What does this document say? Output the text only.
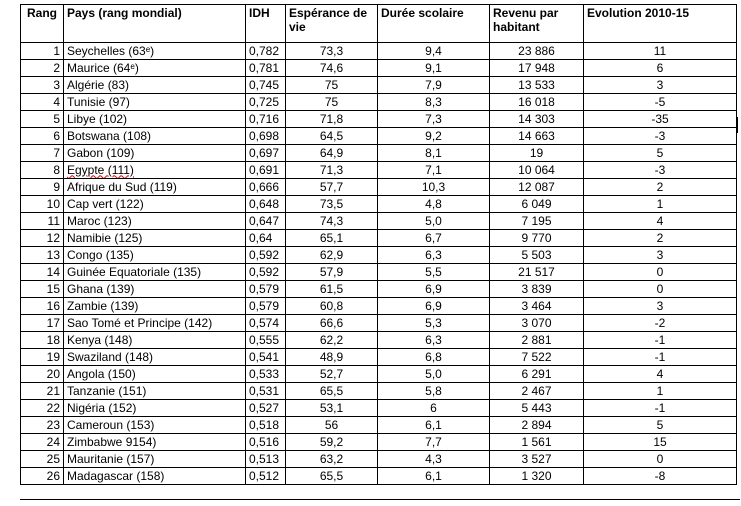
Rang	Pays (rang mondial)	IDH	Espérance de vie	Durée scolaire	Revenu par habitant	Evolution 2010-15
1	Seychelles (63ᵉ)	0,782	73,3	9,4	23 886	11
2	Maurice (64ᵉ)	0,781	74,6	9,1	17 948	6
3	Algérie (83)	0,745	75	7,9	13 533	3
4	Tunisie (97)	0,725	75	8,3	16 018	-5
5	Libye (102)	0,716	71,8	7,3	14 303	-35
6	Botswana (108)	0,698	64,5	9,2	14 663	-3
7	Gabon (109)	0,697	64,9	8,1	19	5
8	Egypte (111)	0,691	71,3	7,1	10 064	-3
9	Afrique du Sud (119)	0,666	57,7	10,3	12 087	2
10	Cap vert (122)	0,648	73,5	4,8	6 049	1
11	Maroc (123)	0,647	74,3	5,0	7 195	4
12	Namibie (125)	0,64	65,1	6,7	9 770	2
13	Congo (135)	0,592	62,9	6,3	5 503	3
14	Guinée Equatoriale (135)	0,592	57,9	5,5	21 517	0
15	Ghana (139)	0,579	61,5	6,9	3 839	0
16	Zambie (139)	0,579	60,8	6,9	3 464	3
17	Sao Tomé et Principe (142)	0,574	66,6	5,3	3 070	-2
18	Kenya (148)	0,555	62,2	6,3	2 881	-1
19	Swaziland (148)	0,541	48,9	6,8	7 522	-1
20	Angola (150)	0,533	52,7	5,0	6 291	4
21	Tanzanie (151)	0,531	65,5	5,8	2 467	1
22	Nigéria (152)	0,527	53,1	6	5 443	-1
23	Cameroun (153)	0,518	56	6,1	2 894	5
24	Zimbabwe 9154)	0,516	59,2	7,7	1 561	15
25	Mauritanie (157)	0,513	63,2	4,3	3 527	0
26	Madagascar (158)	0,512	65,5	6,1	1 320	-8
